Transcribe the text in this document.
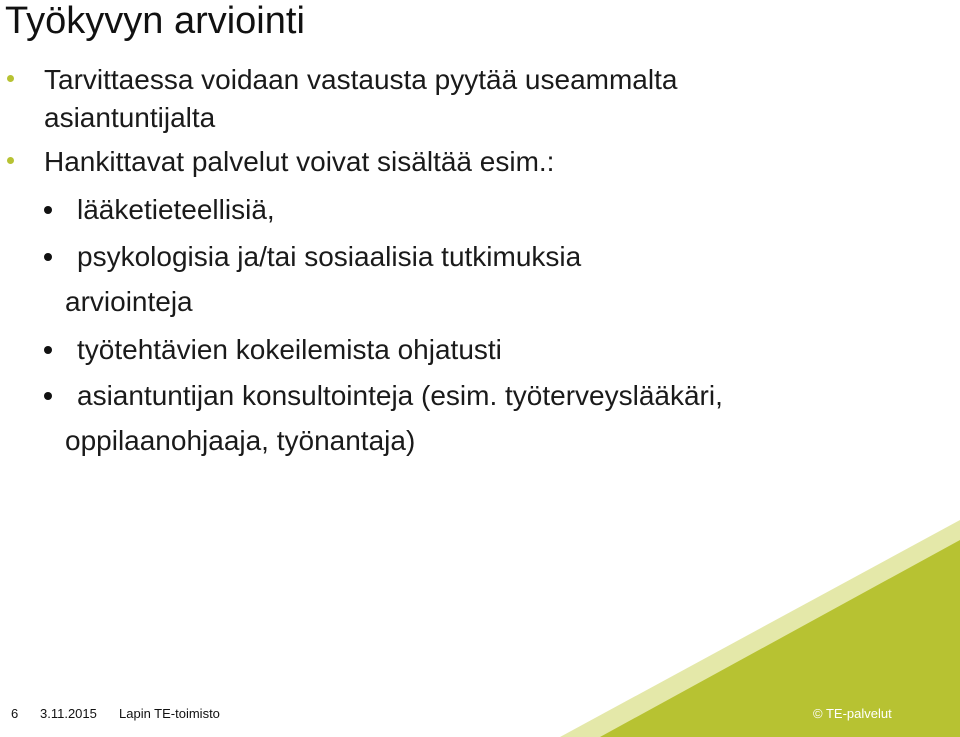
Työkyvyn arviointi
Tarvittaessa voidaan vastausta pyytää useammalta
asiantuntijalta
Hankittavat palvelut voivat sisältää esim.:
lääketieteellisiä,
psykologisia ja/tai sosiaalisia tutkimuksia
arviointeja
työtehtävien kokeilemista ohjatusti
asiantuntijan konsultointeja (esim. työterveyslääkäri,
oppilaanohjaaja, työnantaja)
6 3.11.2015 Lapin TE-toimisto	© TE-palvelut
